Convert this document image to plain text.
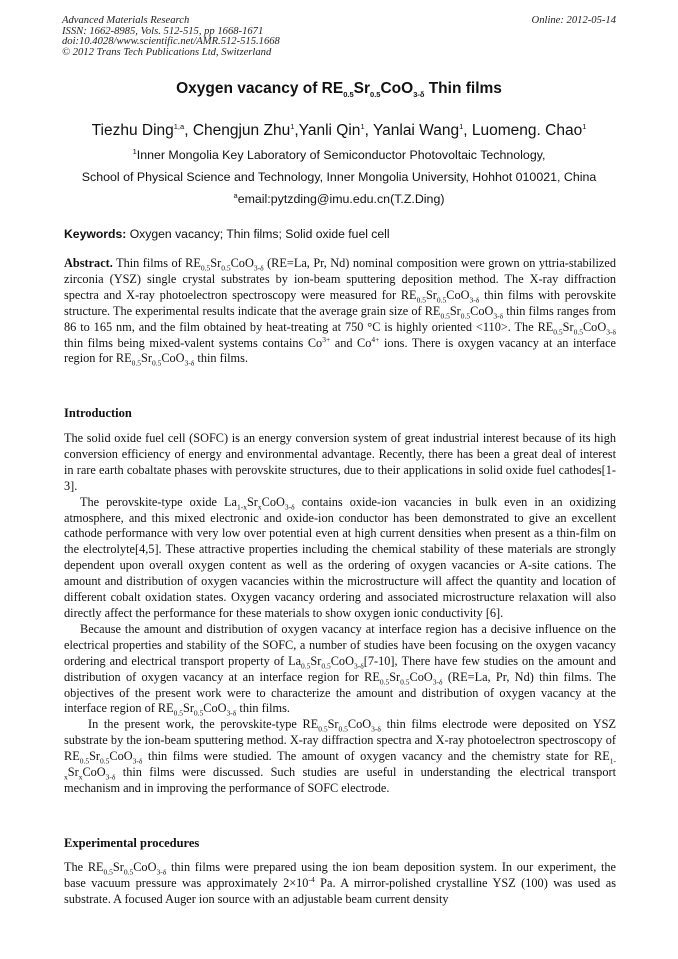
Advanced Materials Research
ISSN: 1662-8985, Vols. 512-515, pp 1668-1671
doi:10.4028/www.scientific.net/AMR.512-515.1668
© 2012 Trans Tech Publications Ltd, Switzerland
Online: 2012-05-14
Oxygen vacancy of $RE_{0.5}Sr_{0.5}CoO_{3-\delta}$ Thin films
Tiezhu Ding$^{1,a}$, Chengjun Zhu$^1$,Yanli Qin$^1$, Yanlai Wang$^1$, Luomeng. Chao$^1$
$^1$Inner Mongolia Key Laboratory of Semiconductor Photovoltaic Technology,
School of Physical Science and Technology, Inner Mongolia University, Hohhot 010021, China
$^a$email:pytzding@imu.edu.cn(T.Z.Ding)
Keywords: Oxygen vacancy; Thin films; Solid oxide fuel cell
Abstract. Thin films of $RE_{0.5}Sr_{0.5}CoO_{3-\delta}$ (RE=La, Pr, Nd) nominal composition were grown on yttria-stabilized zirconia (YSZ) single crystal substrates by ion-beam sputtering deposition method. The X-ray diffraction spectra and X-ray photoelectron spectroscopy were measured for $RE_{0.5}Sr_{0.5}CoO_{3-\delta}$ thin films with perovskite structure. The experimental results indicate that the average grain size of $RE_{0.5}Sr_{0.5}CoO_{3-\delta}$ thin films ranges from 86 to 165 nm, and the film obtained by heat-treating at 750 °C is highly oriented <110>. The $RE_{0.5}Sr_{0.5}CoO_{3-\delta}$ thin films being mixed-valent systems contains $Co^{3+}$ and $Co^{4+}$ ions. There is oxygen vacancy at an interface region for $RE_{0.5}Sr_{0.5}CoO_{3-\delta}$ thin films.
Introduction
The solid oxide fuel cell (SOFC) is an energy conversion system of great industrial interest because of its high conversion efficiency of energy and environmental advantage. Recently, there has been a great deal of interest in rare earth cobaltate phases with perovskite structures, due to their applications in solid oxide fuel cathodes[1-3].
The perovskite-type oxide $La_{1-x}Sr_xCoO_{3-\delta}$ contains oxide-ion vacancies in bulk even in an oxidizing atmosphere, and this mixed electronic and oxide-ion conductor has been demonstrated to give an excellent cathode performance with very low over potential even at high current densities when present as a thin-film on the electrolyte[4,5]. These attractive properties including the chemical stability of these materials are strongly dependent upon overall oxygen content as well as the ordering of oxygen vacancies or A-site cations. The amount and distribution of oxygen vacancies within the microstructure will affect the quantity and location of different cobalt oxidation states. Oxygen vacancy ordering and associated microstructure relaxation will also directly affect the performance for these materials to show oxygen ionic conductivity [6].
Because the amount and distribution of oxygen vacancy at interface region has a decisive influence on the electrical properties and stability of the SOFC, a number of studies have been focusing on the oxygen vacancy ordering and electrical transport property of $La_{0.5}Sr_{0.5}CoO_{3-\delta}[7-10]$, There have few studies on the amount and distribution of oxygen vacancy at an interface region for $RE_{0.5}Sr_{0.5}CoO_{3-\delta}$ (RE=La, Pr, Nd) thin films. The objectives of the present work were to characterize the amount and distribution of oxygen vacancy at the interface region of $RE_{0.5}Sr_{0.5}CoO_{3-\delta}$ thin films.
In the present work, the perovskite-type $RE_{0.5}Sr_{0.5}CoO_{3-\delta}$ thin films electrode were deposited on YSZ substrate by the ion-beam sputtering method. X-ray diffraction spectra and X-ray photoelectron spectroscopy of $RE_{0.5}Sr_{0.5}CoO_{3-\delta}$ thin films were studied. The amount of oxygen vacancy and the chemistry state for $RE_{1-x}Sr_xCoO_{3-\delta}$ thin films were discussed. Such studies are useful in understanding the electrical transport mechanism and in improving the performance of SOFC electrode.
Experimental procedures
The $RE_{0.5}Sr_{0.5}CoO_{3-\delta}$ thin films were prepared using the ion beam deposition system. In our experiment, the base vacuum pressure was approximately $2\times 10^{-4}$ Pa. A mirror-polished crystalline YSZ (100) was used as substrate. A focused Auger ion source with an adjustable beam current density
